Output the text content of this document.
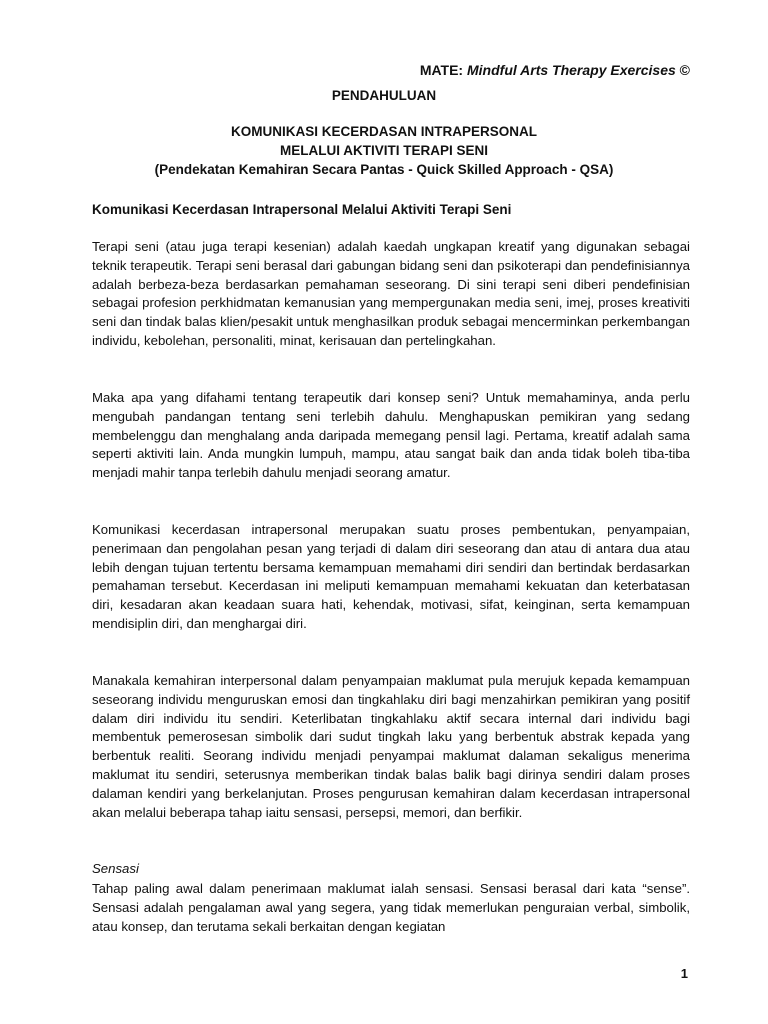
MATE: Mindful Arts Therapy Exercises ©
PENDAHULUAN
KOMUNIKASI KECERDASAN INTRAPERSONAL
MELALUI AKTIVITI TERAPI SENI
(Pendekatan Kemahiran Secara Pantas - Quick Skilled Approach - QSA)
Komunikasi Kecerdasan Intrapersonal Melalui Aktiviti Terapi Seni

Terapi seni (atau juga terapi kesenian) adalah kaedah ungkapan kreatif yang digunakan sebagai teknik terapeutik. Terapi seni berasal dari gabungan bidang seni dan psikoterapi dan pendefinisiannya adalah berbeza-beza berdasarkan pemahaman seseorang. Di sini terapi seni diberi pendefinisian sebagai profesion perkhidmatan kemanusian yang mempergunakan media seni, imej, proses kreativiti seni dan tindak balas klien/pesakit untuk menghasilkan produk sebagai mencerminkan perkembangan individu, kebolehan, personaliti, minat, kerisauan dan pertelingkahan.

Maka apa yang difahami tentang terapeutik dari konsep seni? Untuk memahaminya, anda perlu mengubah pandangan tentang seni terlebih dahulu. Menghapuskan pemikiran yang sedang membelenggu dan menghalang anda daripada memegang pensil lagi. Pertama, kreatif adalah sama seperti aktiviti lain. Anda mungkin lumpuh, mampu, atau sangat baik dan anda tidak boleh tiba-tiba menjadi mahir tanpa terlebih dahulu menjadi seorang amatur.

Komunikasi kecerdasan intrapersonal merupakan suatu proses pembentukan, penyampaian, penerimaan dan pengolahan pesan yang terjadi di dalam diri seseorang dan atau di antara dua atau lebih dengan tujuan tertentu bersama kemampuan memahami diri sendiri dan bertindak berdasarkan pemahaman tersebut. Kecerdasan ini meliputi kemampuan memahami kekuatan dan keterbatasan diri, kesadaran akan keadaan suara hati, kehendak, motivasi, sifat, keinginan, serta kemampuan mendisiplin diri, dan menghargai diri.

Manakala kemahiran interpersonal dalam penyampaian maklumat pula merujuk kepada kemampuan seseorang individu menguruskan emosi dan tingkahlaku diri bagi menzahirkan pemikiran yang positif dalam diri individu itu sendiri. Keterlibatan tingkahlaku aktif secara internal dari individu bagi membentuk pemerosesan simbolik dari sudut tingkah laku yang berbentuk abstrak kepada yang berbentuk realiti. Seorang individu menjadi penyampai maklumat dalaman sekaligus menerima maklumat itu sendiri, seterusnya memberikan tindak balas balik bagi dirinya sendiri dalam proses dalaman kendiri yang berkelanjutan. Proses pengurusan kemahiran dalam kecerdasan intrapersonal akan melalui beberapa tahap iaitu sensasi, persepsi, memori, dan berfikir.

Sensasi

Tahap paling awal dalam penerimaan maklumat ialah sensasi. Sensasi berasal dari kata “sense”. Sensasi adalah pengalaman awal yang segera, yang tidak memerlukan penguraian verbal, simbolik, atau konsep, dan terutama sekali berkaitan dengan kegiatan

1
